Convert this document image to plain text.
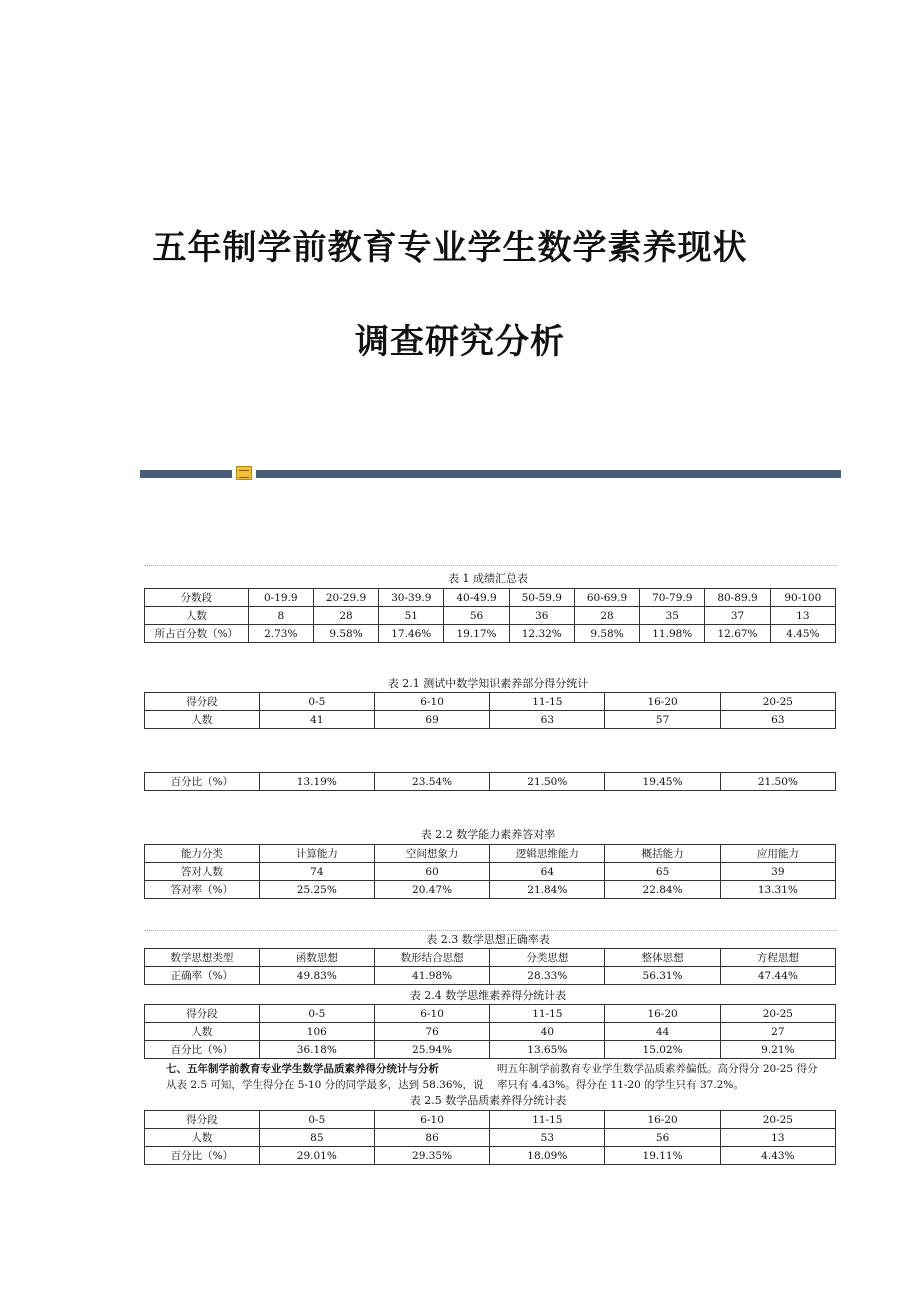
五年制学前教育专业学生数学素养现状
调查研究分析
表 1 成绩汇总表
分数段	0-19.9	20-29.9	30-39.9	40-49.9	50-59.9	60-69.9	70-79.9	80-89.9	90-100
人数	8	28	51	56	36	28	35	37	13
所占百分数（%）	2.73%	9.58%	17.46%	19.17%	12.32%	9.58%	11.98%	12.67%	4.45%
表 2.1 测试中数学知识素养部分得分统计
得分段	0-5	6-10	11-15	16-20	20-25
人数	41	69	63	57	63
百分比（%）	13.19%	23.54%	21.50%	19.45%	21.50%
表 2.2 数学能力素养答对率
能力分类	计算能力	空间想象力	逻辑思维能力	概括能力	应用能力
答对人数	74	60	64	65	39
答对率（%）	25.25%	20.47%	21.84%	22.84%	13.31%
表 2.3 数学思想正确率表
数学思想类型	函数思想	数形结合思想	分类思想	整体思想	方程思想
正确率（%）	49.83%	41.98%	28.33%	56.31%	47.44%
表 2.4 数学思维素养得分统计表
得分段	0-5	6-10	11-15	16-20	20-25
人数	106	76	40	44	27
百分比（%）	36.18%	25.94%	13.65%	15.02%	9.21%
七、五年制学前教育专业学生数学品质素养得分统计与分析
从表 2.5 可知，学生得分在 5-10 分的同学最多，达到 58.36%，说
明五年制学前教育专业学生数学品质素养偏低。高分得分 20-25 得分
率只有 4.43%。得分在 11-20 的学生只有 37.2%。
表 2.5 数学品质素养得分统计表
得分段	0-5	6-10	11-15	16-20	20-25
人数	85	86	53	56	13
百分比（%）	29.01%	29.35%	18.09%	19.11%	4.43%
